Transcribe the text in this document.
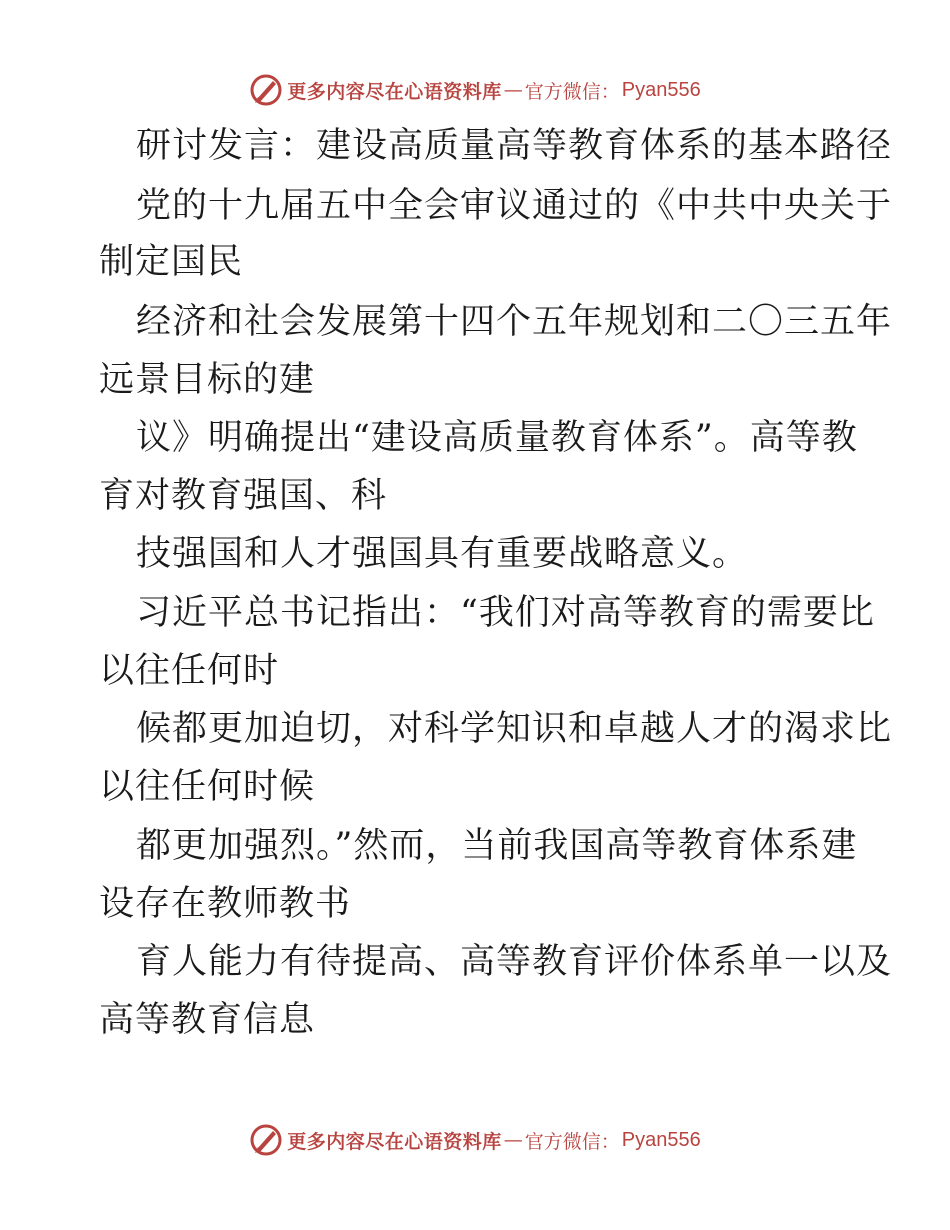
更多内容尽在心语资料库 — 官方微信： Pyan556
研讨发言：建设高质量高等教育体系的基本路径
党的十九届五中全会审议通过的《中共中央关于
制定国民
经济和社会发展第十四个五年规划和二〇三五年
远景目标的建
议》明确提出“建设高质量教育体系”。高等教
育对教育强国、科
技强国和人才强国具有重要战略意义。
习近平总书记指出：“我们对高等教育的需要比
以往任何时
候都更加迫切，对科学知识和卓越人才的渴求比
以往任何时候
都更加强烈。”然而，当前我国高等教育体系建
设存在教师教书
育人能力有待提高、高等教育评价体系单一以及
高等教育信息
更多内容尽在心语资料库 — 官方微信： Pyan556
